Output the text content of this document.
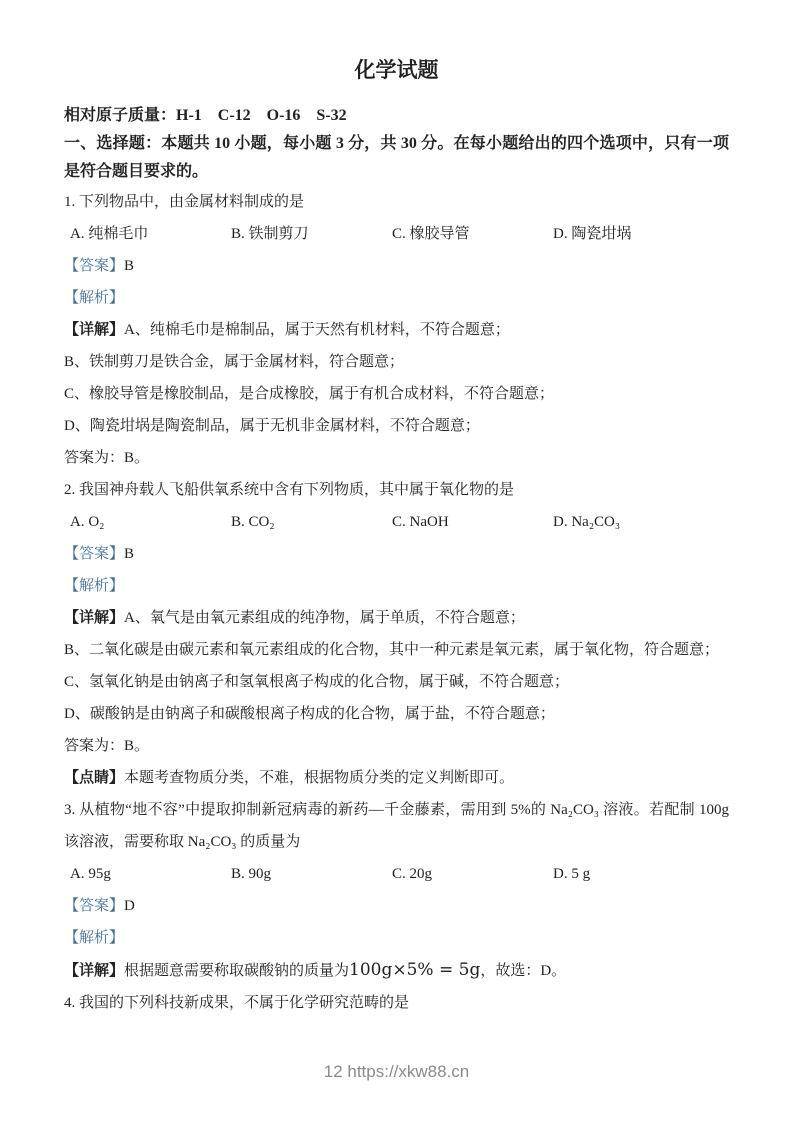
化学试题
相对原子质量：H-1  C-12  O-16  S-32
一、选择题：本题共 10 小题，每小题 3 分，共 30 分。在每小题给出的四个选项中，只有一项是符合题目要求的。
1. 下列物品中，由金属材料制成的是
A. 纯棉毛巾	B. 铁制剪刀	C. 橡胶导管	D. 陶瓷坩埚
【答案】B
【解析】
【详解】A、纯棉毛巾是棉制品，属于天然有机材料，不符合题意；
B、铁制剪刀是铁合金，属于金属材料，符合题意；
C、橡胶导管是橡胶制品，是合成橡胶，属于有机合成材料，不符合题意；
D、陶瓷坩埚是陶瓷制品，属于无机非金属材料，不符合题意；
答案为：B。
2. 我国神舟载人飞船供氧系统中含有下列物质，其中属于氧化物的是
A. O₂	B. CO₂	C. NaOH	D. Na₂CO₃
【答案】B
【解析】
【详解】A、氧气是由氧元素组成的纯净物，属于单质，不符合题意；
B、二氧化碳是由碳元素和氧元素组成的化合物，其中一种元素是氧元素，属于氧化物，符合题意；
C、氢氧化钠是由钠离子和氢氧根离子构成的化合物，属于碱，不符合题意；
D、碳酸钠是由钠离子和碳酸根离子构成的化合物，属于盐，不符合题意；
答案为：B。
【点睛】本题考查物质分类，不难，根据物质分类的定义判断即可。
3. 从植物“地不容”中提取抑制新冠病毒的新药—千金藤素，需用到 5%的 Na₂CO₃ 溶液。若配制 100g 该溶液，需要称取 Na₂CO₃ 的质量为
A. 95g	B. 90g	C. 20g	D. 5 g
【答案】D
【解析】
【详解】根据题意需要称取碳酸钠的质量为100g×5% = 5g，故选：D。
4. 我国的下列科技新成果，不属于化学研究范畴的是
12 https://xkw88.cn
